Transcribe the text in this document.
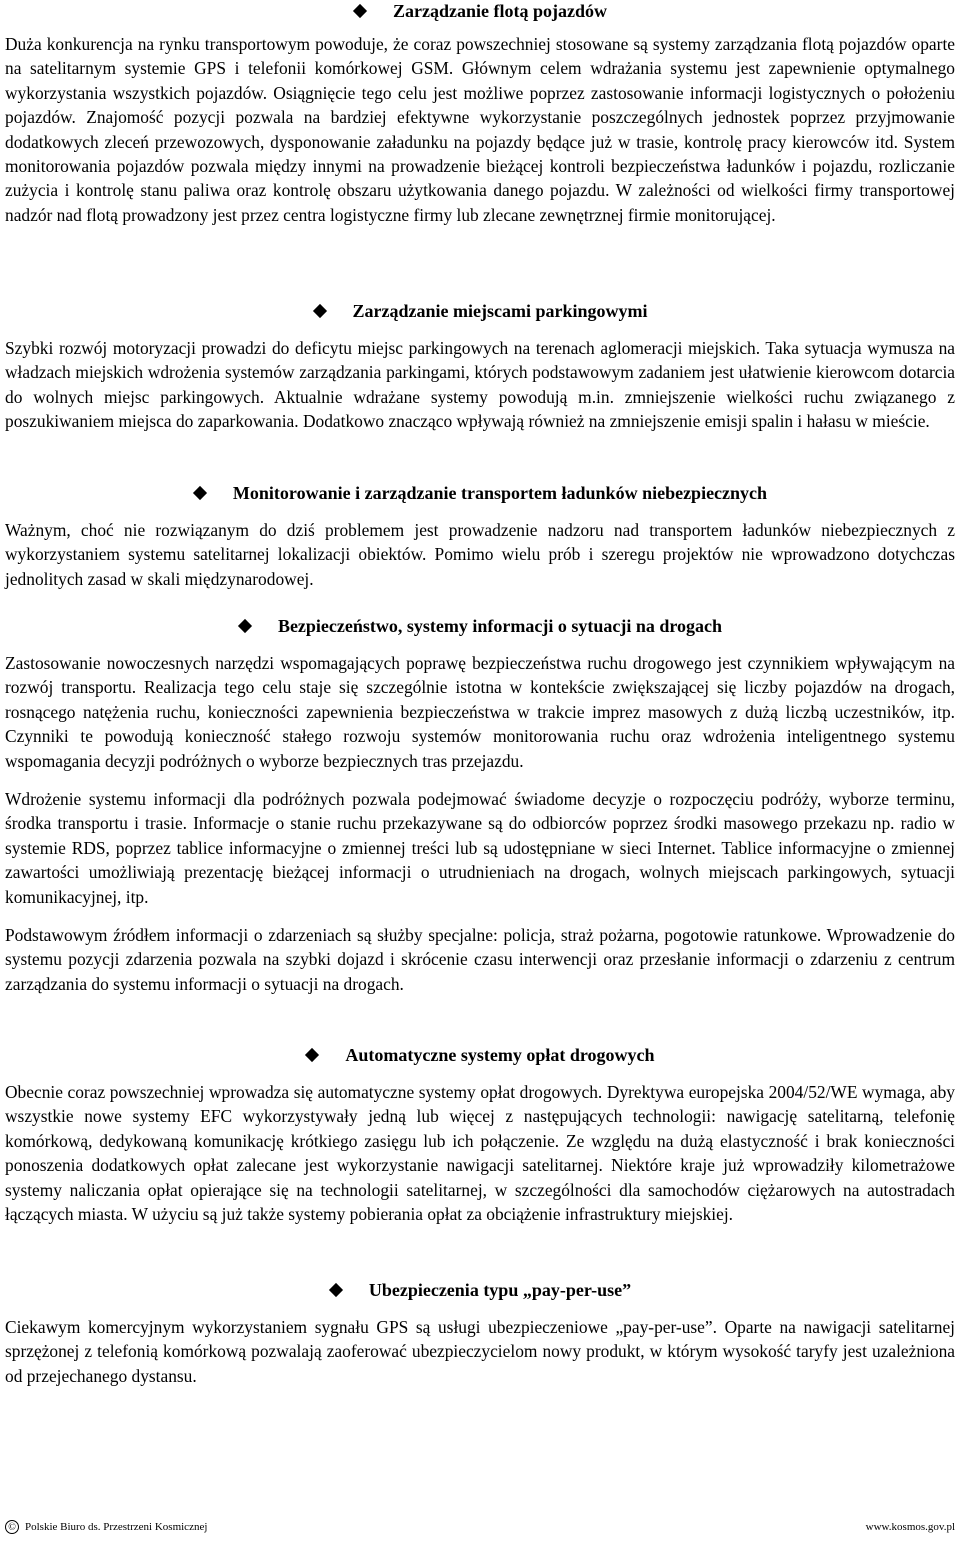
Zarządzanie flotą pojazdów

Duża konkurencja na rynku transportowym powoduje, że coraz powszechniej stosowane są systemy zarządzania flotą pojazdów oparte na satelitarnym systemie GPS i telefonii komórkowej GSM. Głównym celem wdrażania systemu jest zapewnienie optymalnego wykorzystania wszystkich pojazdów. Osiągnięcie tego celu jest możliwe poprzez zastosowanie informacji logistycznych o położeniu pojazdów. Znajomość pozycji pozwala na bardziej efektywne wykorzystanie poszczególnych jednostek poprzez przyjmowanie dodatkowych zleceń przewozowych, dysponowanie załadunku na pojazdy będące już w trasie, kontrolę pracy kierowców itd. System monitorowania pojazdów pozwala między innymi na prowadzenie bieżącej kontroli bezpieczeństwa ładunków i pojazdu, rozliczanie zużycia i kontrolę stanu paliwa oraz kontrolę obszaru użytkowania danego pojazdu. W zależności od wielkości firmy transportowej nadzór nad flotą prowadzony jest przez centra logistyczne firmy lub zlecane zewnętrznej firmie monitorującej.

Zarządzanie miejscami parkingowymi

Szybki rozwój motoryzacji prowadzi do deficytu miejsc parkingowych na terenach aglomeracji miejskich. Taka sytuacja wymusza na władzach miejskich wdrożenia systemów zarządzania parkingami, których podstawowym zadaniem jest ułatwienie kierowcom dotarcia do wolnych miejsc parkingowych. Aktualnie wdrażane systemy powodują m.in. zmniejszenie wielkości ruchu związanego z poszukiwaniem miejsca do zaparkowania. Dodatkowo znacząco wpływają również na zmniejszenie emisji spalin i hałasu w mieście.

Monitorowanie i zarządzanie transportem ładunków niebezpiecznych

Ważnym, choć nie rozwiązanym do dziś problemem jest prowadzenie nadzoru nad transportem ładunków niebezpiecznych z wykorzystaniem systemu satelitarnej lokalizacji obiektów. Pomimo wielu prób i szeregu projektów nie wprowadzono dotychczas jednolitych zasad w skali międzynarodowej.

Bezpieczeństwo, systemy informacji o sytuacji na drogach

Zastosowanie nowoczesnych narzędzi wspomagających poprawę bezpieczeństwa ruchu drogowego jest czynnikiem wpływającym na rozwój transportu. Realizacja tego celu staje się szczególnie istotna w kontekście zwiększającej się liczby pojazdów na drogach, rosnącego natężenia ruchu, konieczności zapewnienia bezpieczeństwa w trakcie imprez masowych z dużą liczbą uczestników, itp. Czynniki te powodują konieczność stałego rozwoju systemów monitorowania ruchu oraz wdrożenia inteligentnego systemu wspomagania decyzji podróżnych o wyborze bezpiecznych tras przejazdu.

Wdrożenie systemu informacji dla podróżnych pozwala podejmować świadome decyzje o rozpoczęciu podróży, wyborze terminu, środka transportu i trasie. Informacje o stanie ruchu przekazywane są do odbiorców poprzez środki masowego przekazu np. radio w systemie RDS, poprzez tablice informacyjne o zmiennej treści lub są udostępniane w sieci Internet. Tablice informacyjne o zmiennej zawartości umożliwiają prezentację bieżącej informacji o utrudnieniach na drogach, wolnych miejscach parkingowych, sytuacji komunikacyjnej, itp.

Podstawowym źródłem informacji o zdarzeniach są służby specjalne: policja, straż pożarna, pogotowie ratunkowe. Wprowadzenie do systemu pozycji zdarzenia pozwala na szybki dojazd i skrócenie czasu interwencji oraz przesłanie informacji o zdarzeniu z centrum zarządzania do systemu informacji o sytuacji na drogach.

Automatyczne systemy opłat drogowych

Obecnie coraz powszechniej wprowadza się automatyczne systemy opłat drogowych. Dyrektywa europejska 2004/52/WE wymaga, aby wszystkie nowe systemy EFC wykorzystywały jedną lub więcej z następujących technologii: nawigację satelitarną, telefonię komórkową, dedykowaną komunikację krótkiego zasięgu lub ich połączenie. Ze względu na dużą elastyczność i brak konieczności ponoszenia dodatkowych opłat zalecane jest wykorzystanie nawigacji satelitarnej. Niektóre kraje już wprowadziły kilometrażowe systemy naliczania opłat opierające się na technologii satelitarnej, w szczególności dla samochodów ciężarowych na autostradach łączących miasta. W użyciu są już także systemy pobierania opłat za obciążenie infrastruktury miejskiej.

Ubezpieczenia typu „pay-per-use”

Ciekawym komercyjnym wykorzystaniem sygnału GPS są usługi ubezpieczeniowe „pay-per-use”. Oparte na nawigacji satelitarnej sprzężonej z telefonią komórkową pozwalają zaoferować ubezpieczycielom nowy produkt, w którym wysokość taryfy jest uzależniona od przejechanego dystansu.

© Polskie Biuro ds. Przestrzeni Kosmicznej	www.kosmos.gov.pl
